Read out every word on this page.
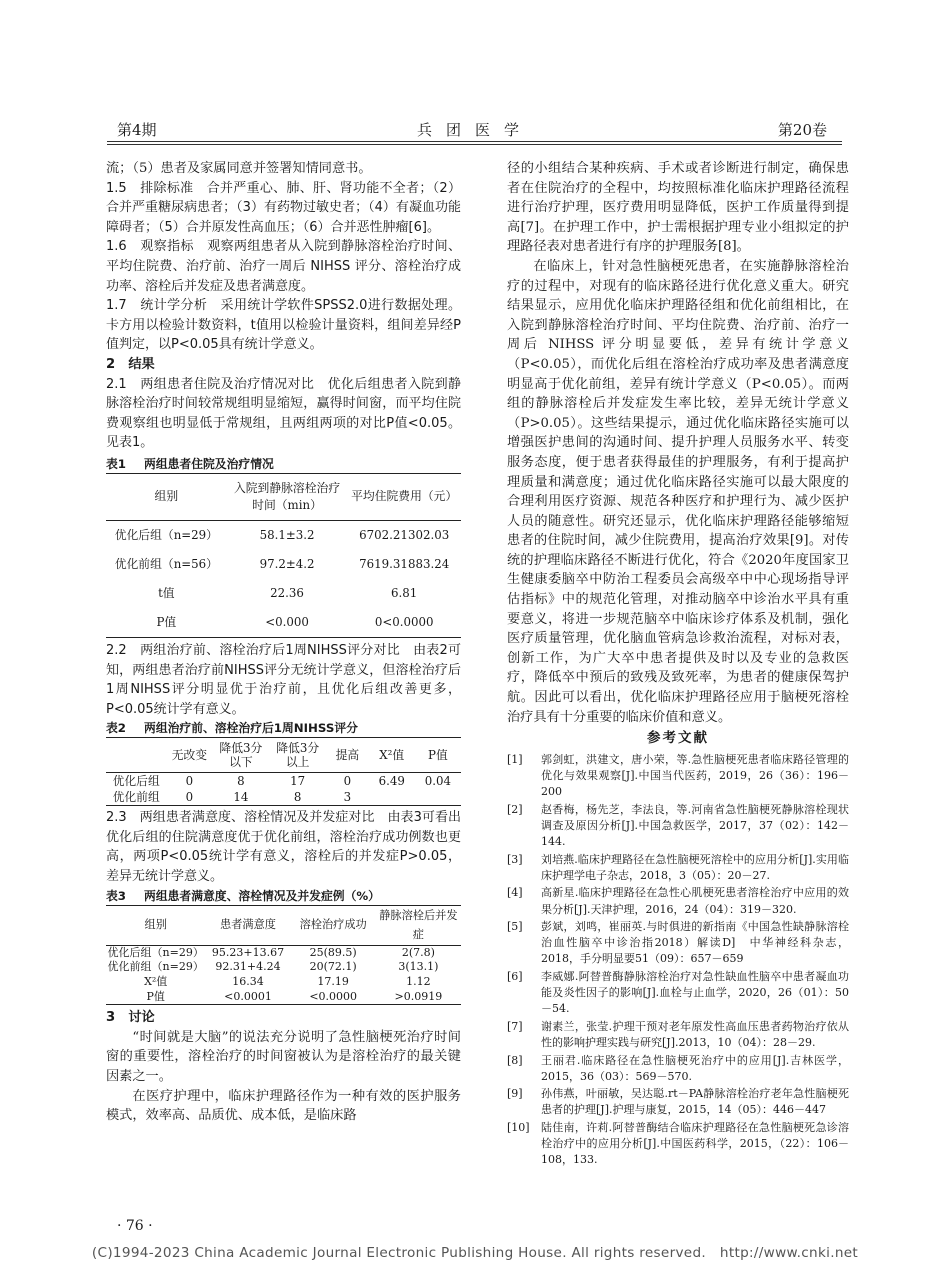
第4期	兵团医学	第20卷

流；（5）患者及家属同意并签署知情同意书。

1.5　排除标准　合并严重心、肺、肝、肾功能不全者；（2）合并严重糖尿病患者；（3）有药物过敏史者；（4）有凝血功能障碍者；（5）合并原发性高血压；（6）合并恶性肿瘤[6]。

1.6　观察指标　观察两组患者从入院到静脉溶栓治疗时间、平均住院费、治疗前、治疗一周后 NIHSS 评分、溶栓治疗成功率、溶栓后并发症及患者满意度。

1.7　统计学分析　采用统计学软件SPSS2.0进行数据处理。卡方用以检验计数资料，t值用以检验计量资料，组间差异经P值判定，以P<0.05具有统计学意义。

2　结果

2.1　两组患者住院及治疗情况对比　优化后组患者入院到静脉溶栓治疗时间较常规组明显缩短，赢得时间窗，而平均住院费观察组也明显低于常规组，且两组两项的对比P值<0.05。见表1。

表1 两组患者住院及治疗情况
组别	入院到静脉溶栓治疗时间（min）	平均住院费用（元）
优化后组（n=29）	58.1±3.2	6702.21302.03
优化前组（n=56）	97.2±4.2	7619.31883.24
t值	22.36	6.81
P值	<0.000	0<0.0000

2.2　两组治疗前、溶栓治疗后1周NIHSS评分对比　由表2可知，两组患者治疗前NIHSS评分无统计学意义，但溶栓治疗后1周NIHSS评分明显优于治疗前，且优化后组改善更多，P<0.05统计学有意义。

表2 两组治疗前、溶栓治疗后1周NIHSS评分
	无改变	降低3分以下	降低3分以上	提高	X²值	P值
优化后组	0	8	17	0	6.49	0.04
优化前组	0	14	8	3		

2.3　两组患者满意度、溶栓情况及并发症对比　由表3可看出优化后组的住院满意度优于优化前组，溶栓治疗成功例数也更高，两项P<0.05统计学有意义，溶栓后的并发症P>0.05，差异无统计学意义。

表3 两组患者满意度、溶栓情况及并发症例（%）
组别	患者满意度	溶栓治疗成功	静脉溶栓后并发症
优化后组（n=29）	95.23+13.67	25(89.5)	2(7.8)
优化前组（n=29）	92.31+4.24	20(72.1)	3(13.1)
X²值	16.34	17.19	1.12
P值	<0.0001	<0.0000	>0.0919

3　讨论

“时间就是大脑”的说法充分说明了急性脑梗死治疗时间窗的重要性，溶栓治疗的时间窗被认为是溶栓治疗的最关键因素之一。

在医疗护理中，临床护理路径作为一种有效的医护服务模式，效率高、品质优、成本低，是临床路

径的小组结合某种疾病、手术或者诊断进行制定，确保患者在住院治疗的全程中，均按照标准化临床护理路径流程进行治疗护理，医疗费用明显降低，医护工作质量得到提高[7]。在护理工作中，护士需根据护理专业小组拟定的护理路径表对患者进行有序的护理服务[8]。

在临床上，针对急性脑梗死患者，在实施静脉溶栓治疗的过程中，对现有的临床路径进行优化意义重大。研究结果显示，应用优化临床护理路径组和优化前组相比，在入院到静脉溶栓治疗时间、平均住院费、治疗前、治疗一周后 NIHSS 评分明显要低，差异有统计学意义（P<0.05），而优化后组在溶栓治疗成功率及患者满意度明显高于优化前组，差异有统计学意义（P<0.05）。而两组的静脉溶栓后并发症发生率比较，差异无统计学意义（P>0.05）。这些结果提示，通过优化临床路径实施可以增强医护患间的沟通时间、提升护理人员服务水平、转变服务态度，便于患者获得最佳的护理服务，有利于提高护理质量和满意度；通过优化临床路径实施可以最大限度的合理利用医疗资源、规范各种医疗和护理行为、减少医护人员的随意性。研究还显示，优化临床护理路径能够缩短患者的住院时间，减少住院费用，提高治疗效果[9]。对传统的护理临床路径不断进行优化，符合《2020年度国家卫生健康委脑卒中防治工程委员会高级卒中中心现场指导评估指标》中的规范化管理，对推动脑卒中诊治水平具有重要意义，将进一步规范脑卒中临床诊疗体系及机制，强化医疗质量管理，优化脑血管病急诊救治流程，对标对表，创新工作，为广大卒中患者提供及时以及专业的急救医疗，降低卒中预后的致残及致死率，为患者的健康保驾护航。因此可以看出，优化临床护理路径应用于脑梗死溶栓治疗具有十分重要的临床价值和意义。

参考文献
[1]	郭剑虹，洪建文，唐小荣，等.急性脑梗死患者临床路径管理的优化与效果观察[J].中国当代医药，2019，26（36）：196－200
[2]	赵香梅，杨先芝，李法良，等.河南省急性脑梗死静脉溶栓现状调查及原因分析[J].中国急救医学，2017，37（02）：142－144.
[3]	刘培燕.临床护理路径在急性脑梗死溶栓中的应用分析[J].实用临床护理学电子杂志，2018，3（05）：20－27.
[4]	高新星.临床护理路径在急性心肌梗死患者溶栓治疗中应用的效果分析[J].天津护理，2016，24（04）：319－320.
[5]	彭斌，刘鸣，崔丽英.与时俱进的新指南《中国急性缺静脉溶栓治血性脑卒中诊治指2018）解读D]　中华神经科杂志，2018，手分明显要51（09）：657－659
[6]	李威娜.阿替普酶静脉溶栓治疗对急性缺血性脑卒中患者凝血功能及炎性因子的影响[J].血栓与止血学，2020，26（01）：50－54.
[7]	谢素兰，张莹.护理干预对老年原发性高血压患者药物治疗依从性的影响护理实践与研究[J].2013，10（04）：28－29.
[8]	王丽君.临床路径在急性脑梗死治疗中的应用[J].吉林医学，2015，36（03）：569－570.
[9]	孙伟燕，叶丽敏，吴达聪.rt－PA静脉溶栓治疗老年急性脑梗死患者的护理[J].护理与康复，2015，14（05）：446－447
[10]	陆佳南，许莉.阿替普酶结合临床护理路径在急性脑梗死急诊溶栓治疗中的应用分析[J].中国医药科学，2015，（22）：106－108，133.
· 76 ·
(C)1994-2023 China Academic Journal Electronic Publishing House. All rights reserved.　http://www.cnki.net
